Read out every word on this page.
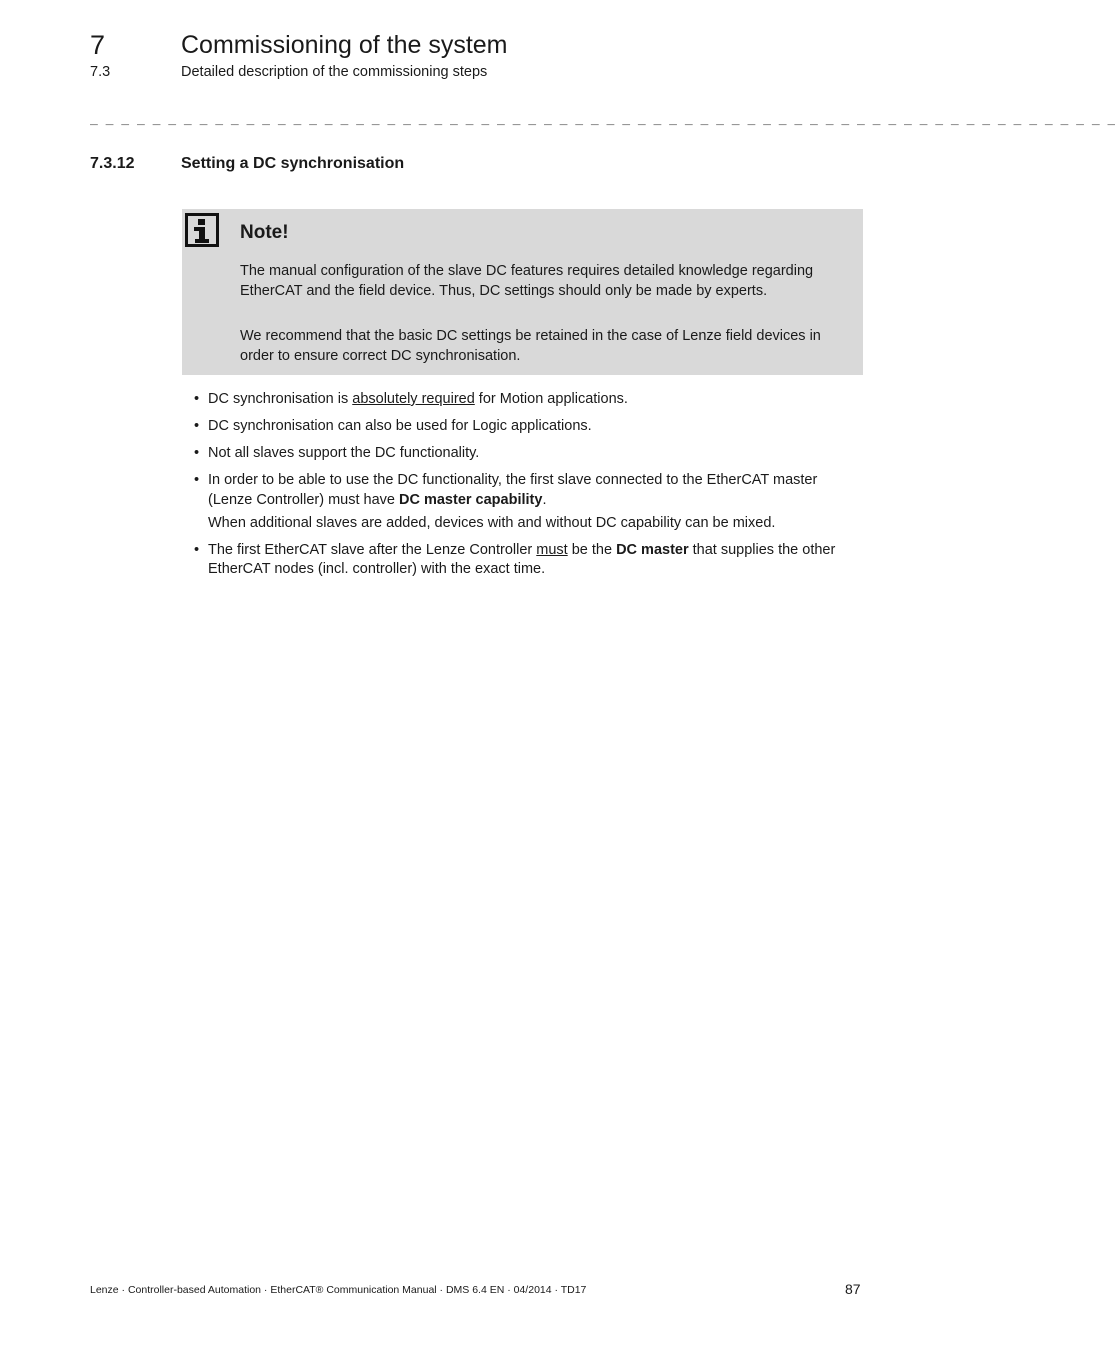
7	Commissioning of the system
7.3	Detailed description of the commissioning steps
_ _ _ _ _ _ _ _ _ _ _ _ _ _ _ _ _ _ _ _ _ _ _ _ _ _ _ _ _ _ _ _ _ _ _ _ _ _ _ _ _ _ _ _ _ _ _ _ _ _ _ _ _ _ _ _ _ _ _ _ _ _ _ _ _ _
7.3.12	Setting a DC synchronisation
Note!

The manual configuration of the slave DC features requires detailed knowledge regarding EtherCAT and the field device. Thus, DC settings should only be made by experts.

We recommend that the basic DC settings be retained in the case of Lenze field devices in order to ensure correct DC synchronisation.

• DC synchronisation is absolutely required for Motion applications.
• DC synchronisation can also be used for Logic applications.
• Not all slaves support the DC functionality.
• In order to be able to use the DC functionality, the first slave connected to the EtherCAT master (Lenze Controller) must have DC master capability.
When additional slaves are added, devices with and without DC capability can be mixed.
• The first EtherCAT slave after the Lenze Controller must be the DC master that supplies the other EtherCAT nodes (incl. controller) with the exact time.
Lenze · Controller-based Automation · EtherCAT® Communication Manual · DMS 6.4 EN · 04/2014 · TD17	87
